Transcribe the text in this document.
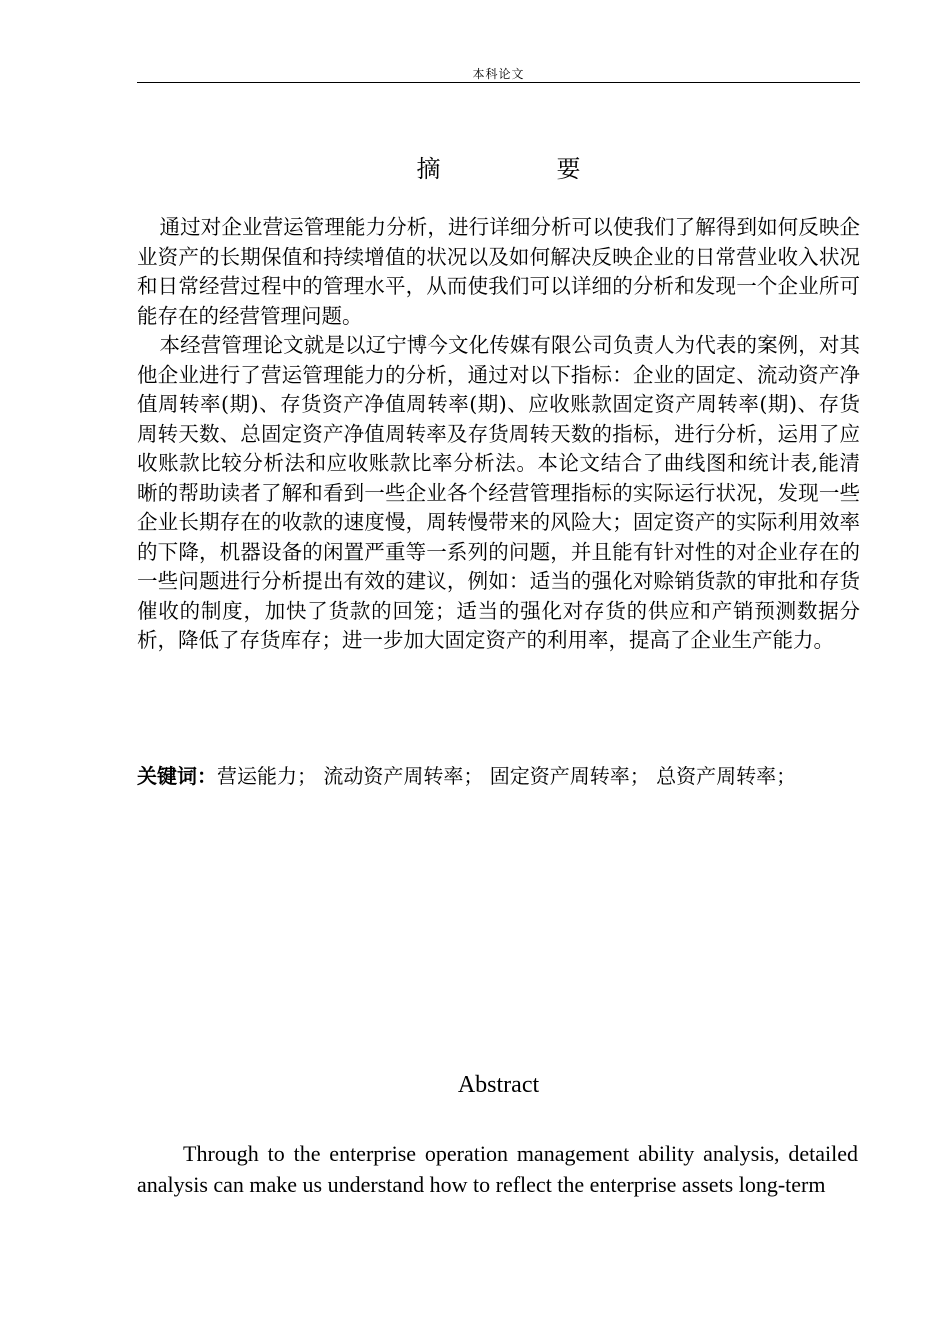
本科论文
摘　要

通过对企业营运管理能力分析，进行详细分析可以使我们了解得到如何反映企业资产的长期保值和持续增值的状况以及如何解决反映企业的日常营业收入状况和日常经营过程中的管理水平，从而使我们可以详细的分析和发现一个企业所可能存在的经营管理问题。

本经营管理论文就是以辽宁博今文化传媒有限公司负责人为代表的案例，对其他企业进行了营运管理能力的分析，通过对以下指标：企业的固定、流动资产净值周转率(期)、存货资产净值周转率(期)、应收账款固定资产周转率(期)、存货周转天数、总固定资产净值周转率及存货周转天数的指标，进行分析，运用了应收账款比较分析法和应收账款比率分析法。本论文结合了曲线图和统计表,能清晰的帮助读者了解和看到一些企业各个经营管理指标的实际运行状况，发现一些企业长期存在的收款的速度慢，周转慢带来的风险大；固定资产的实际利用效率的下降，机器设备的闲置严重等一系列的问题，并且能有针对性的对企业存在的一些问题进行分析提出有效的建议，例如：适当的强化对赊销货款的审批和存货催收的制度，加快了货款的回笼；适当的强化对存货的供应和产销预测数据分析，降低了存货库存；进一步加大固定资产的利用率，提高了企业生产能力。

关键词：营运能力； 流动资产周转率； 固定资产周转率； 总资产周转率；
Abstract

Through to the enterprise operation management ability analysis, detailed analysis can make us understand how to reflect the enterprise assets long-term
